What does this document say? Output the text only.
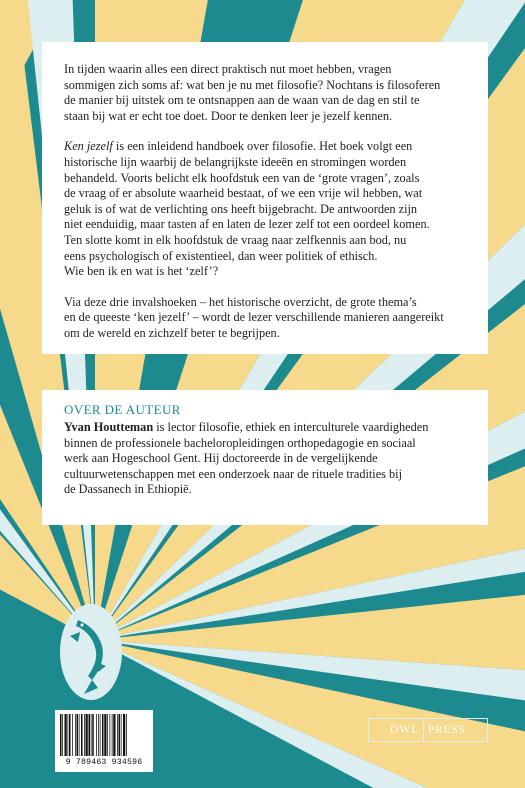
In tijden waarin alles een direct praktisch nut moet hebben, vragen
sommigen zich soms af: wat ben je nu met filosofie? Nochtans is filosoferen
de manier bij uitstek om te ontsnappen aan de waan van de dag en stil te
staan bij wat er echt toe doet. Door te denken leer je jezelf kennen.

Ken jezelf is een inleidend handboek over filosofie. Het boek volgt een
historische lijn waarbij de belangrijkste ideeën en stromingen worden
behandeld. Voorts belicht elk hoofdstuk een van de ‘grote vragen’, zoals
de vraag of er absolute waarheid bestaat, of we een vrije wil hebben, wat
geluk is of wat de verlichting ons heeft bijgebracht. De antwoorden zijn
niet eenduidig, maar tasten af en laten de lezer zelf tot een oordeel komen.
Ten slotte komt in elk hoofdstuk de vraag naar zelfkennis aan bod, nu
eens psychologisch of existentieel, dan weer politiek of ethisch.
Wie ben ik en wat is het ‘zelf’?

Via deze drie invalshoeken – het historische overzicht, de grote thema’s
en de queeste ‘ken jezelf’ – wordt de lezer verschillende manieren aangereikt
om de wereld en zichzelf beter te begrijpen.

OVER DE AUTEUR

Yvan Houtteman is lector filosofie, ethiek en interculturele vaardigheden
binnen de professionele bacheloropleidingen orthopedagogie en sociaal
werk aan Hogeschool Gent. Hij doctoreerde in de vergelijkende
cultuurwetenschappen met een onderzoek naar de rituele tradities bij
de Dassanech in Ethiopië.

9 789463 934596
OWL PRESS
